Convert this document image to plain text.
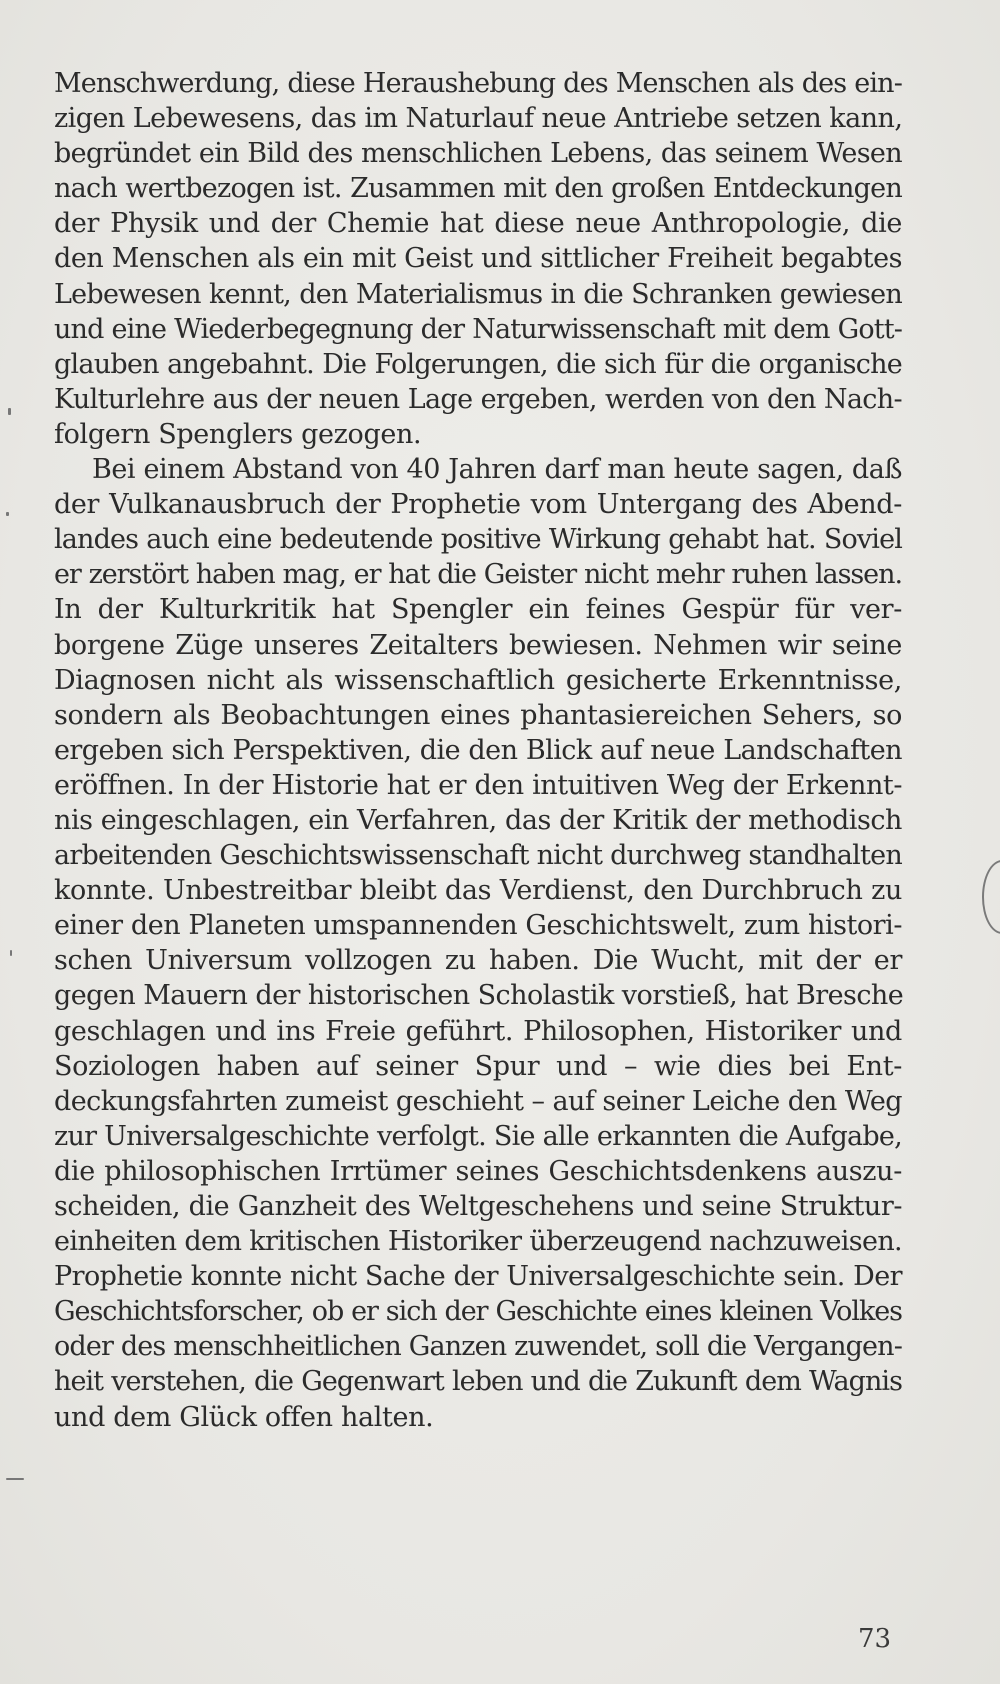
Menschwerdung, diese Heraushebung des Menschen als des ein-
zigen Lebewesens, das im Naturlauf neue Antriebe setzen kann,
begründet ein Bild des menschlichen Lebens, das seinem Wesen
nach wertbezogen ist. Zusammen mit den großen Entdeckungen
der Physik und der Chemie hat diese neue Anthropologie, die
den Menschen als ein mit Geist und sittlicher Freiheit begabtes
Lebewesen kennt, den Materialismus in die Schranken gewiesen
und eine Wiederbegegnung der Naturwissenschaft mit dem Gott-
glauben angebahnt. Die Folgerungen, die sich für die organische
Kulturlehre aus der neuen Lage ergeben, werden von den Nach-
folgern Spenglers gezogen.
Bei einem Abstand von 40 Jahren darf man heute sagen, daß
der Vulkanausbruch der Prophetie vom Untergang des Abend-
landes auch eine bedeutende positive Wirkung gehabt hat. Soviel
er zerstört haben mag, er hat die Geister nicht mehr ruhen lassen.
In der Kulturkritik hat Spengler ein feines Gespür für ver-
borgene Züge unseres Zeitalters bewiesen. Nehmen wir seine
Diagnosen nicht als wissenschaftlich gesicherte Erkenntnisse,
sondern als Beobachtungen eines phantasiereichen Sehers, so
ergeben sich Perspektiven, die den Blick auf neue Landschaften
eröffnen. In der Historie hat er den intuitiven Weg der Erkennt-
nis eingeschlagen, ein Verfahren, das der Kritik der methodisch
arbeitenden Geschichtswissenschaft nicht durchweg standhalten
konnte. Unbestreitbar bleibt das Verdienst, den Durchbruch zu
einer den Planeten umspannenden Geschichtswelt, zum histori-
schen Universum vollzogen zu haben. Die Wucht, mit der er
gegen Mauern der historischen Scholastik vorstieß, hat Bresche
geschlagen und ins Freie geführt. Philosophen, Historiker und
Soziologen haben auf seiner Spur und – wie dies bei Ent-
deckungsfahrten zumeist geschieht – auf seiner Leiche den Weg
zur Universalgeschichte verfolgt. Sie alle erkannten die Aufgabe,
die philosophischen Irrtümer seines Geschichtsdenkens auszu-
scheiden, die Ganzheit des Weltgeschehens und seine Struktur-
einheiten dem kritischen Historiker überzeugend nachzuweisen.
Prophetie konnte nicht Sache der Universalgeschichte sein. Der
Geschichtsforscher, ob er sich der Geschichte eines kleinen Volkes
oder des menschheitlichen Ganzen zuwendet, soll die Vergangen-
heit verstehen, die Gegenwart leben und die Zukunft dem Wagnis
und dem Glück offen halten.
73
